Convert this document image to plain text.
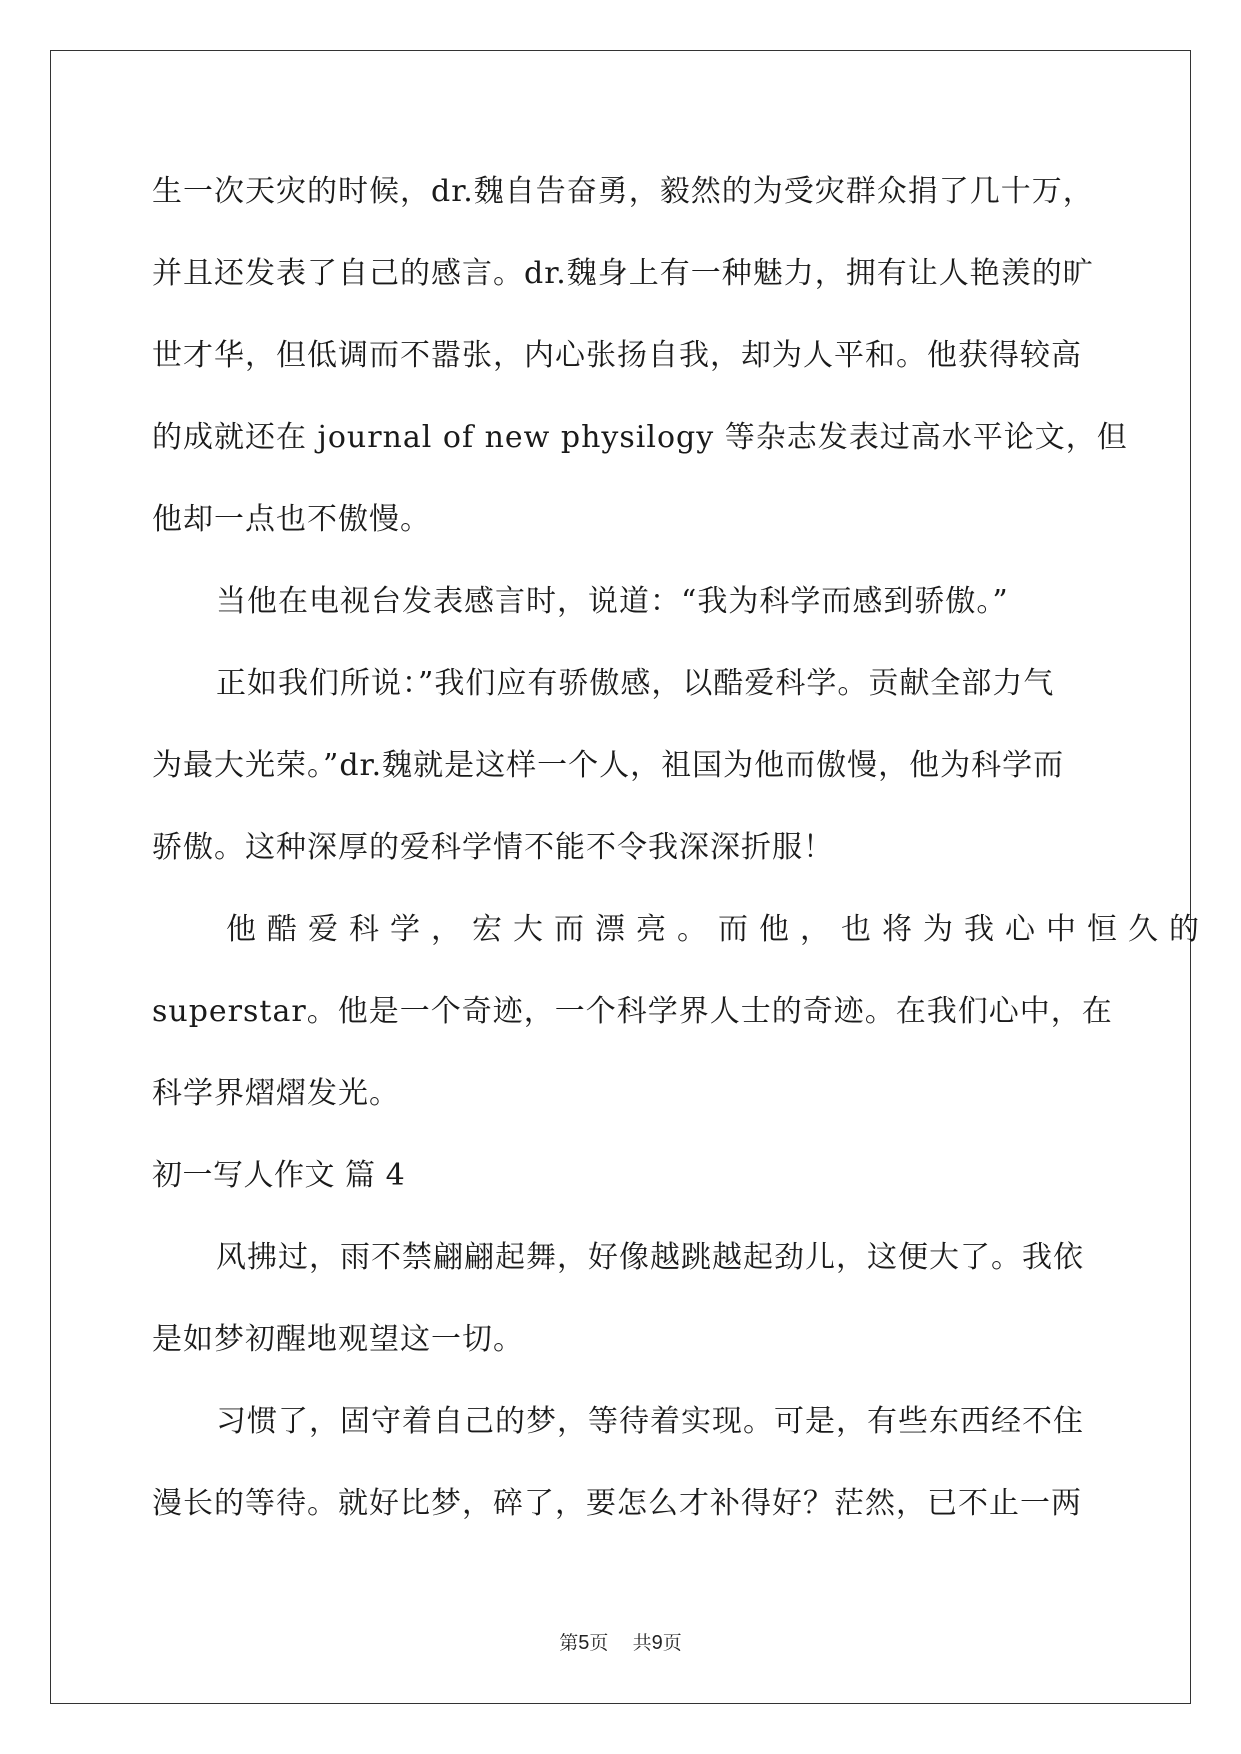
生一次天灾的时候，dr.魏自告奋勇，毅然的为受灾群众捐了几十万，
并且还发表了自己的感言。dr.魏身上有一种魅力，拥有让人艳羡的旷
世才华，但低调而不嚣张，内心张扬自我，却为人平和。他获得较高
的成就还在 journal of new physilogy 等杂志发表过高水平论文，但
他却一点也不傲慢。
当他在电视台发表感言时，说道：“我为科学而感到骄傲。”
正如我们所说：”我们应有骄傲感，以酷爱科学。贡献全部力气
为最大光荣。”dr.魏就是这样一个人，祖国为他而傲慢，他为科学而
骄傲。这种深厚的爱科学情不能不令我深深折服！
他酷爱科学，宏大而漂亮。而他，也将为我心中恒久的
superstar。他是一个奇迹，一个科学界人士的奇迹。在我们心中，在
科学界熠熠发光。
初一写人作文 篇 4
风拂过，雨不禁翩翩起舞，好像越跳越起劲儿，这便大了。我依
是如梦初醒地观望这一切。
习惯了，固守着自己的梦，等待着实现。可是，有些东西经不住
漫长的等待。就好比梦，碎了，要怎么才补得好？茫然，已不止一两
第5页 共9页
